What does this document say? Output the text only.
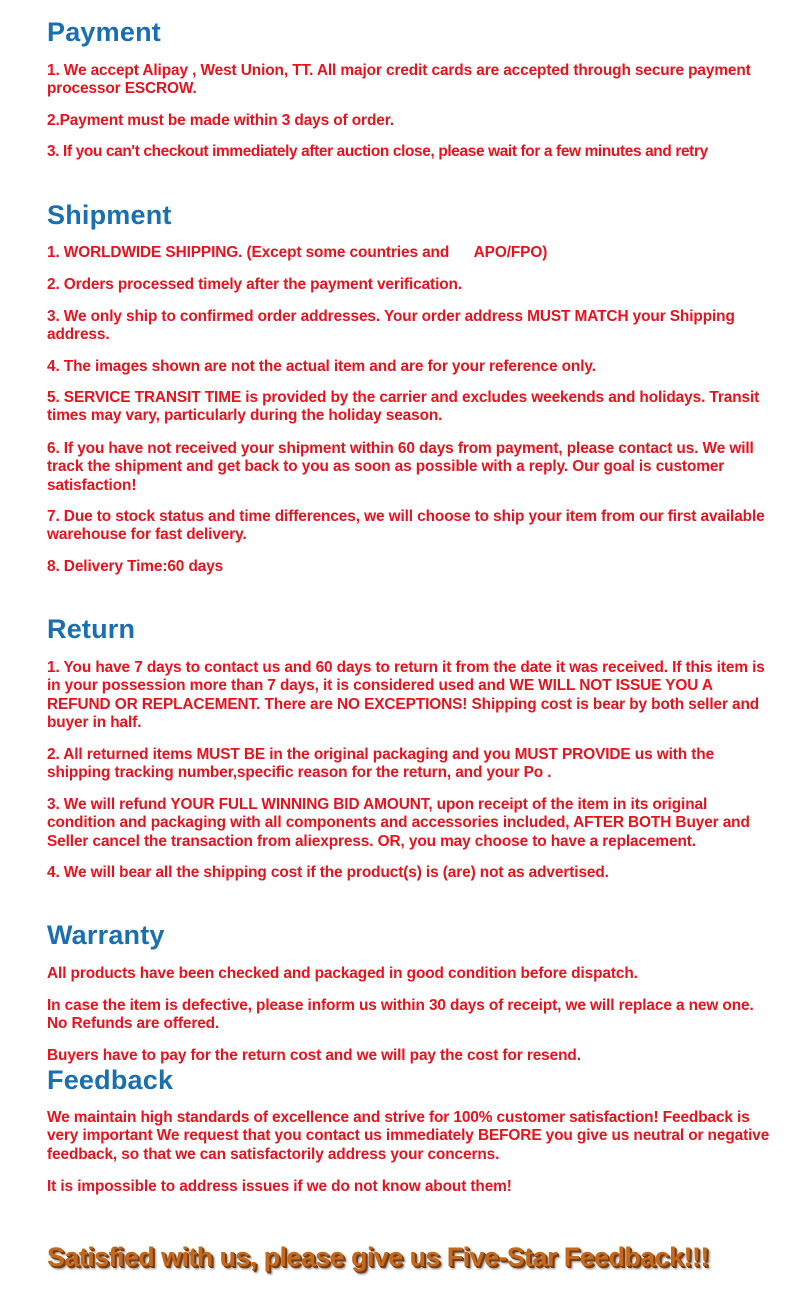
Payment

1. We accept Alipay , West Union, TT. All major credit cards are accepted through secure payment processor ESCROW.

2.Payment must be made within 3 days of order.

3. If you can't checkout immediately after auction close, please wait for a few minutes and retry

Shipment

1. WORLDWIDE SHIPPING. (Except some countries and      APO/FPO)

2. Orders processed timely after the payment verification.

3. We only ship to confirmed order addresses. Your order address MUST MATCH your Shipping address.

4. The images shown are not the actual item and are for your reference only.

5. SERVICE TRANSIT TIME is provided by the carrier and excludes weekends and holidays. Transit times may vary, particularly during the holiday season.

6. If you have not received your shipment within 60 days from payment, please contact us. We will track the shipment and get back to you as soon as possible with a reply. Our goal is customer satisfaction!

7. Due to stock status and time differences, we will choose to ship your item from our first available warehouse for fast delivery.

8. Delivery Time:60 days

Return

1. You have 7 days to contact us and 60 days to return it from the date it was received. If this item is in your possession more than 7 days, it is considered used and WE WILL NOT ISSUE YOU A REFUND OR REPLACEMENT. There are NO EXCEPTIONS! Shipping cost is bear by both seller and buyer in half.

2. All returned items MUST BE in the original packaging and you MUST PROVIDE us with the shipping tracking number,specific reason for the return, and your Po .

3. We will refund YOUR FULL WINNING BID AMOUNT, upon receipt of the item in its original condition and packaging with all components and accessories included, AFTER BOTH Buyer and Seller cancel the transaction from aliexpress. OR, you may choose to have a replacement.

4. We will bear all the shipping cost if the product(s) is (are) not as advertised.

Warranty

All products have been checked and packaged in good condition before dispatch.

In case the item is defective, please inform us within 30 days of receipt, we will replace a new one. No Refunds are offered.

Buyers have to pay for the return cost and we will pay the cost for resend.

Feedback

We maintain high standards of excellence and strive for 100% customer satisfaction! Feedback is very important We request that you contact us immediately BEFORE you give us neutral or negative feedback, so that we can satisfactorily address your concerns.

It is impossible to address issues if we do not know about them!

Satisfied with us, please give us Five-Star Feedback!!!
